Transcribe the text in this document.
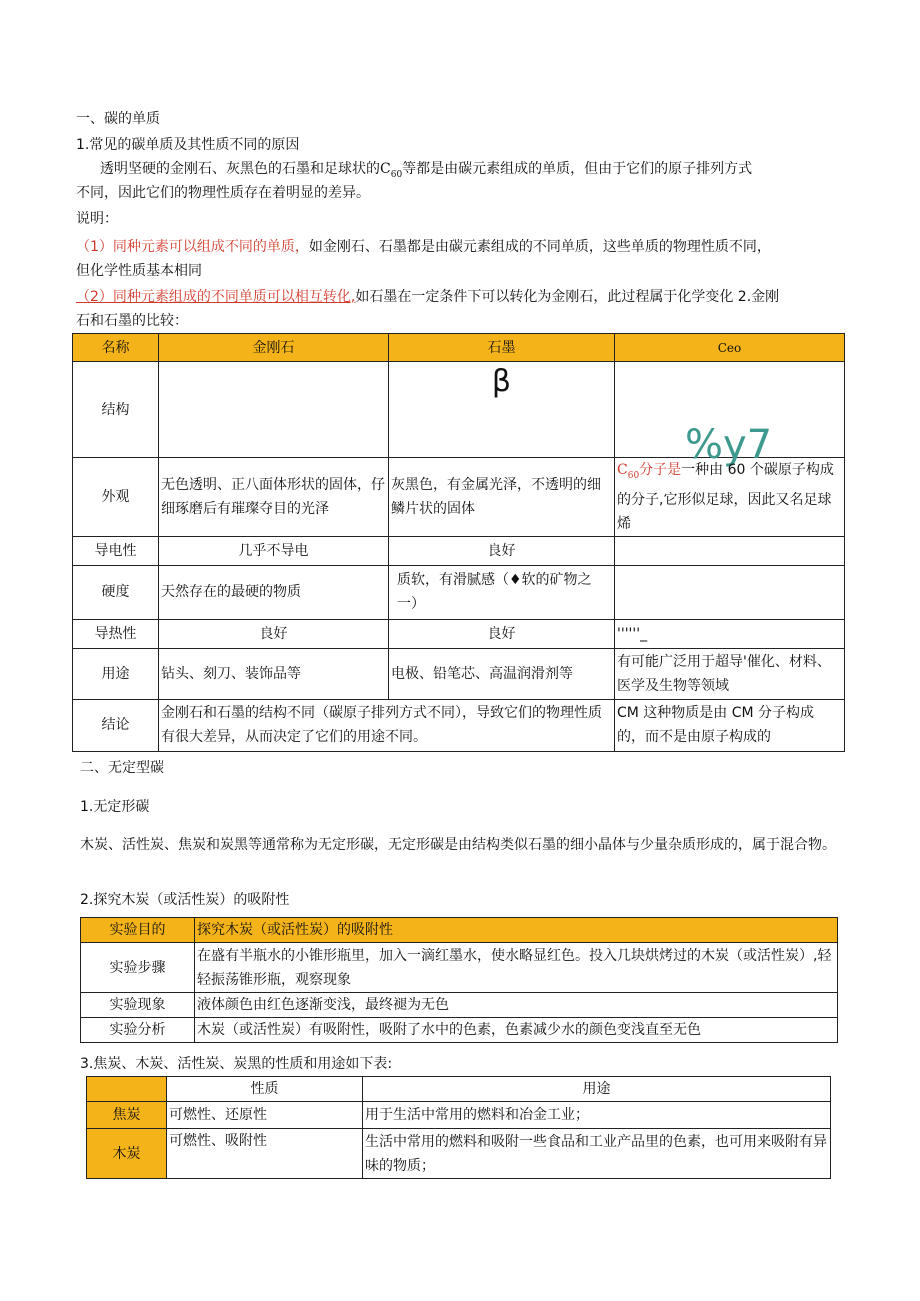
一、碳的单质
1.常见的碳单质及其性质不同的原因
透明坚硬的金刚石、灰黑色的石墨和足球状的$C_{60}$等都是由碳元素组成的单质，但由于它们的原子排列方式
不同，因此它们的物理性质存在着明显的差异。
说明：
（1）同种元素可以组成不同的单质，如金刚石、石墨都是由碳元素组成的不同单质，这些单质的物理性质不同，
但化学性质基本相同
（2）同种元素组成的不同单质可以相互转化,如石墨在一定条件下可以转化为金刚石，此过程属于化学变化 2.金刚
石和石墨的比较：
名称	金刚石	石墨	Ceo
结构		β	%y7

外观	无色透明、正八面体形状的固体，仔细琢磨后有璀璨夺目的光泽	灰黑色，有金属光泽，不透明的细鳞片状的固体	$C_{60}$分子是一种由 60 个碳原子构成的分子,它形似足球，因此又名足球烯
导电性	几乎不导电	良好	
硬度	天然存在的最硬的物质	质软，有滑腻感（♦软的矿物之一）	
导热性	良好	良好	''''''_
用途	钻头、刻刀、装饰品等	电极、铅笔芯、高温润滑剂等	有可能广泛用于超导'催化、材料、医学及生物等领域
结论	金刚石和石墨的结构不同（碳原子排列方式不同），导致它们的物理性质有很大差异，从而决定了它们的用途不同。		CM 这种物质是由 CM 分子构成的，而不是由原子构成的
二、无定型碳
1.无定形碳
木炭、活性炭、焦炭和炭黑等通常称为无定形碳，无定形碳是由结构类似石墨的细小晶体与少量杂质形成的，属于混合物。
2.探究木炭（或活性炭）的吸附性
实验目的	探究木炭（或活性炭）的吸附性
实验步骤	在盛有半瓶水的小锥形瓶里，加入一滴红墨水，使水略显红色。投入几块烘烤过的木炭（或活性炭）,轻轻振荡锥形瓶，观察现象
实验现象	液体颜色由红色逐渐变浅，最终褪为无色
实验分析	木炭（或活性炭）有吸附性，吸附了水中的色素，色素减少水的颜色变浅直至无色
3.焦炭、木炭、活性炭、炭黑的性质和用途如下表:
	性质	用途
焦炭	可燃性、还原性	用于生活中常用的燃料和冶金工业；
木炭	可燃性、吸附性	生活中常用的燃料和吸附一些食品和工业产品里的色素，也可用来吸附有异味的物质；
